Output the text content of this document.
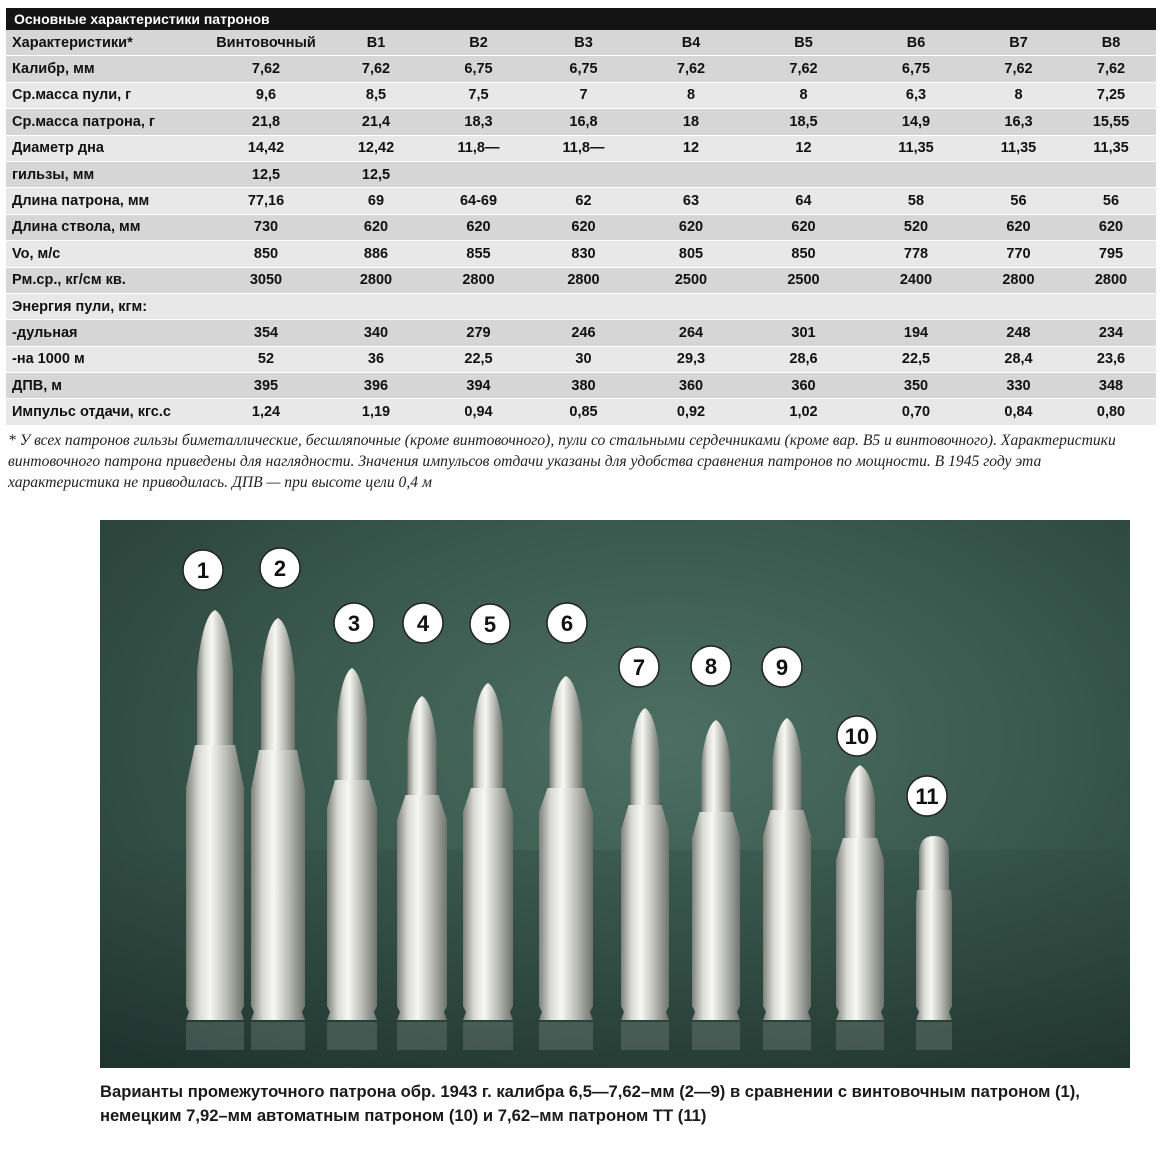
Основные характеристики патронов
Характеристики*	Винтовочный	В1	В2	В3	В4	В5	В6	В7	В8
Калибр, мм	7,62	7,62	6,75	6,75	7,62	7,62	6,75	7,62	7,62
Ср.масса пули, г	9,6	8,5	7,5	7	8	8	6,3	8	7,25
Ср.масса патрона, г	21,8	21,4	18,3	16,8	18	18,5	14,9	16,3	15,55
Диаметр дна	14,42	12,42	11,8—	11,8—	12	12	11,35	11,35	11,35
гильзы, мм	12,5	12,5							
Длина патрона, мм	77,16	69	64-69	62	63	64	58	56	56
Длина ствола, мм	730	620	620	620	620	620	520	620	620
Vo, м/с	850	886	855	830	805	850	778	770	795
Рм.ср., кг/см кв.	3050	2800	2800	2800	2500	2500	2400	2800	2800
Энергия пули, кгм:									
-дульная	354	340	279	246	264	301	194	248	234
-на 1000 м	52	36	22,5	30	29,3	28,6	22,5	28,4	23,6
ДПВ, м	395	396	394	380	360	360	350	330	348
Импульс отдачи, кгс.с	1,24	1,19	0,94	0,85	0,92	1,02	0,70	0,84	0,80
* У всех патронов гильзы биметаллические, бесшляпочные (кроме винтовочного), пули со стальными сердечниками (кроме вар. В5 и винтовочного). Характеристики винтовочного патрона приведены для наглядности. Значения импульсов отдачи указаны для удобства сравнения патронов по мощности. В 1945 году эта характеристика не приводилась. ДПВ — при высоте цели 0,4 м
1	2
3	4 5	6
7	8	9
10
11
Варианты промежуточного патрона обр. 1943 г. калибра 6,5—7,62–мм (2—9) в сравнении с винтовочным патроном (1), немецким 7,92–мм автоматным патроном (10) и 7,62–мм патроном ТТ (11)
